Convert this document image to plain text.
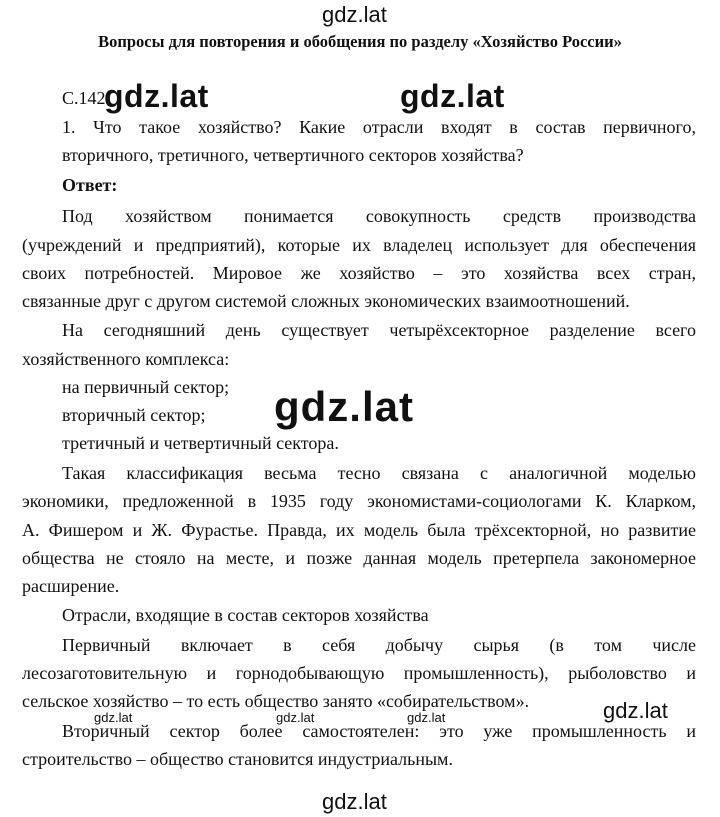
gdz.lat
gdz.lat	gdz.lat
gdz.lat
gdz.lat	gdz.lat	gdz.lat	gdz.lat
gdz.lat
Вопросы для повторения и обобщения по разделу «Хозяйство России»
С.142
1. Что такое хозяйство? Какие отрасли входят в состав первичного,
вторичного, третичного, четвертичного секторов хозяйства?
Ответ:
Под хозяйством понимается совокупность средств производства
(учреждений и предприятий), которые их владелец использует для обеспечения
своих потребностей. Мировое же хозяйство – это хозяйства всех стран,
связанные друг с другом системой сложных экономических взаимоотношений.
На сегодняшний день существует четырёхсекторное разделение всего
хозяйственного комплекса:
на первичный сектор;
вторичный сектор;
третичный и четвертичный сектора.
Такая классификация весьма тесно связана с аналогичной моделью
экономики, предложенной в 1935 году экономистами-социологами К. Кларком,
А. Фишером и Ж. Фурастье. Правда, их модель была трёхсекторной, но развитие
общества не стояло на месте, и позже данная модель претерпела закономерное
расширение.
Отрасли, входящие в состав секторов хозяйства
Первичный включает в себя добычу сырья (в том числе
лесозаготовительную и горнодобывающую промышленность), рыболовство и
сельское хозяйство – то есть общество занято «собирательством».
Вторичный сектор более самостоятелен: это уже промышленность и
строительство – общество становится индустриальным.
